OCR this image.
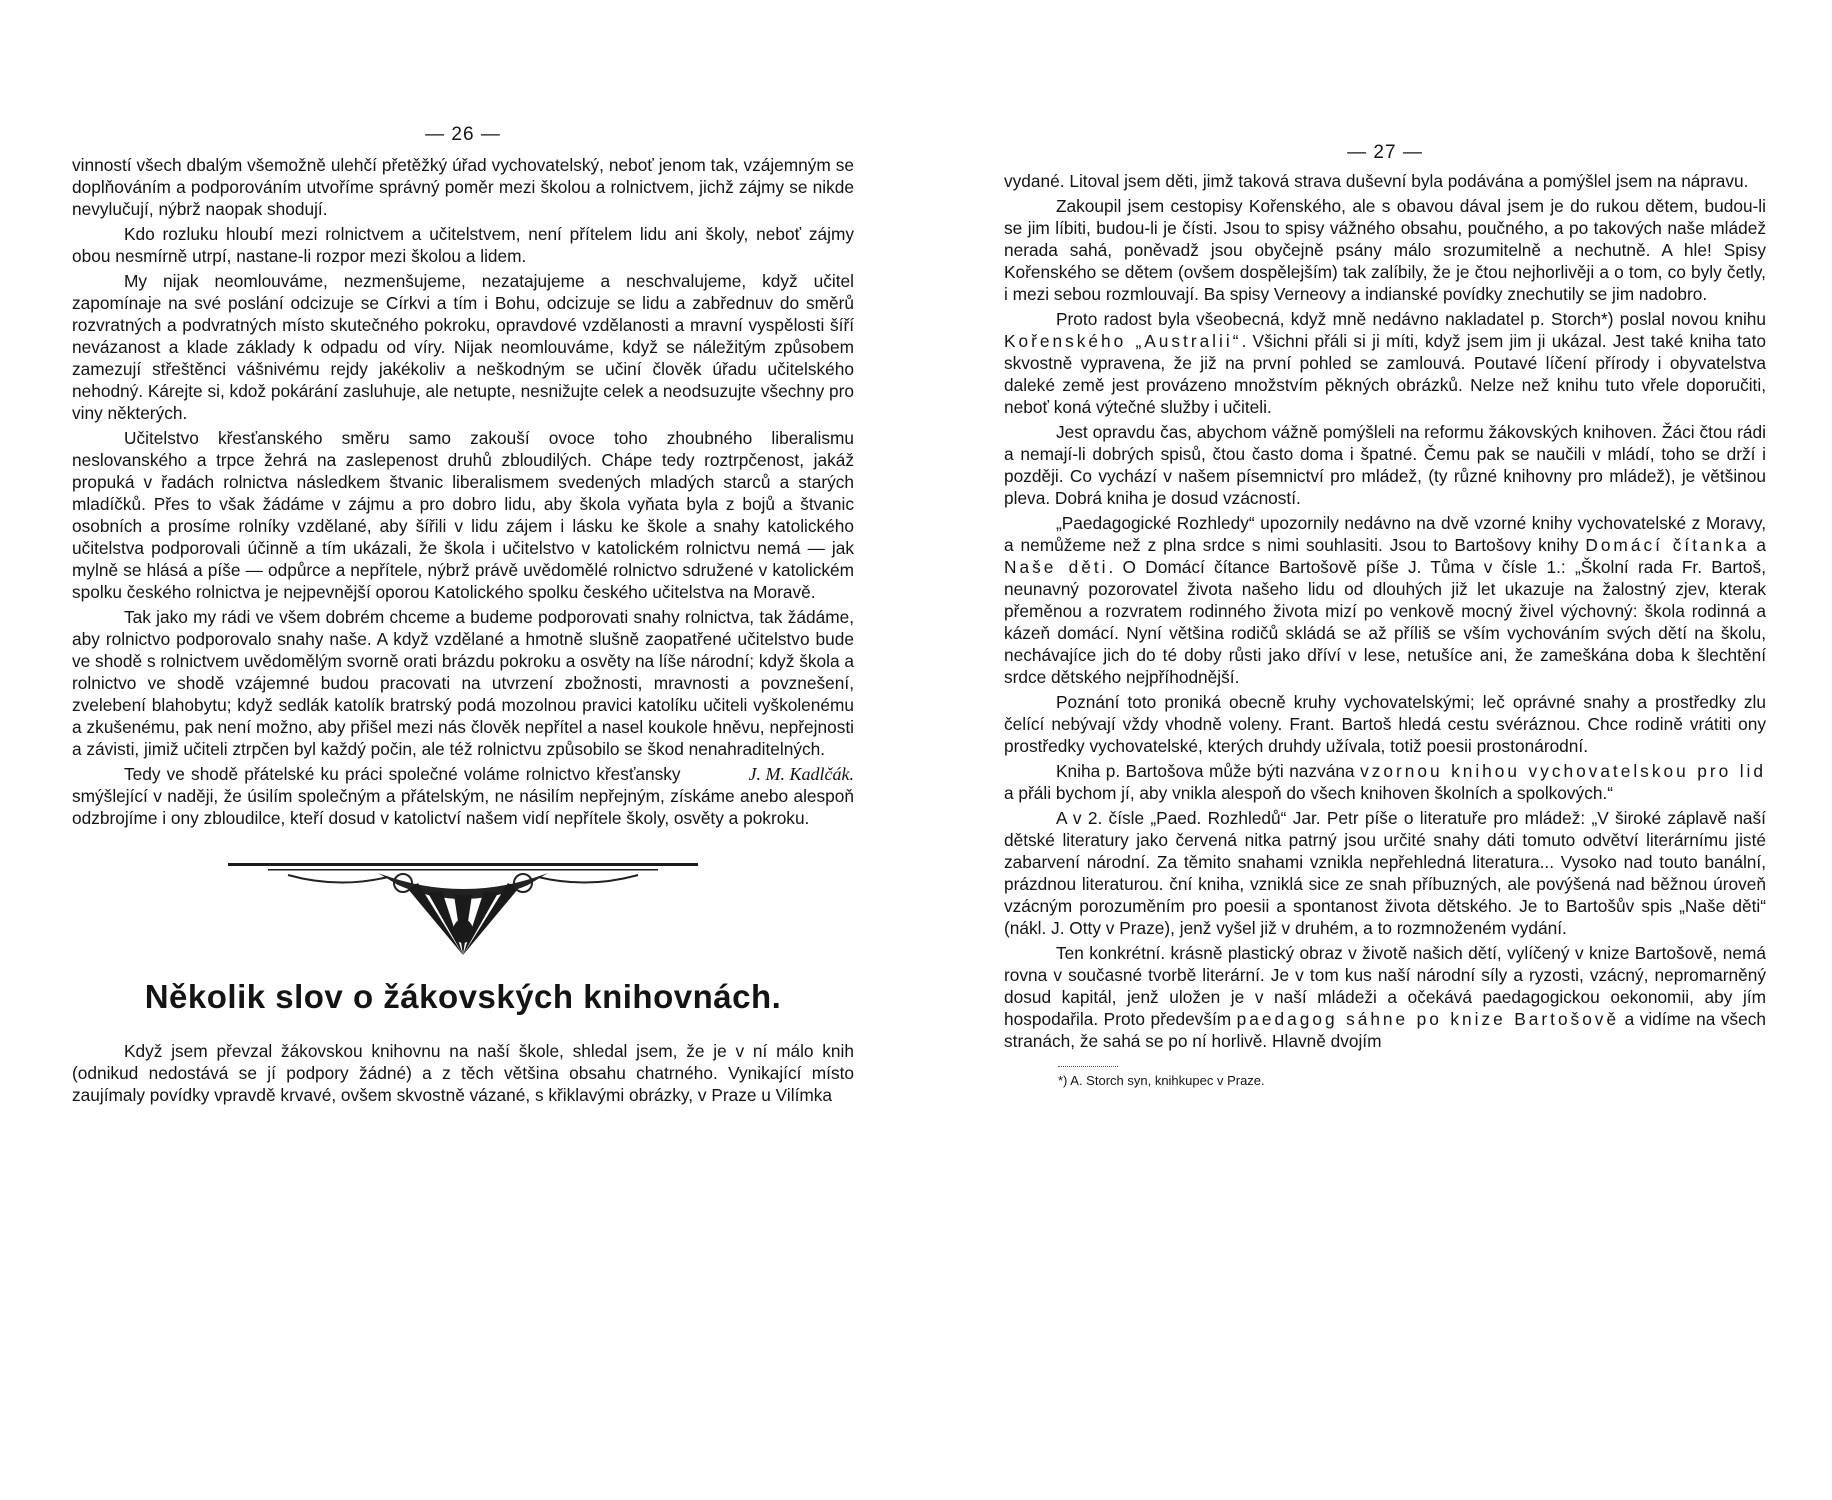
— 26 —

vinností všech dbalým všemožně ulehčí přetěžký úřad vychovatelský, neboť jenom tak, vzájemným se doplňováním a podporováním utvoříme správný poměr mezi školou a rolnictvem, jichž zájmy se nikde nevylučují, nýbrž naopak shodují.

Kdo rozluku hloubí mezi rolnictvem a učitelstvem, není přítelem lidu ani školy, neboť zájmy obou nesmírně utrpí, nastane-li rozpor mezi školou a lidem.

My nijak neomlouváme, nezmenšujeme, nezatajujeme a neschvalujeme, když učitel zapomínaje na své poslání odcizuje se Církvi a tím i Bohu, odcizuje se lidu a zabřednuv do směrů rozvratných a podvratných místo skutečného pokroku, opravdové vzdělanosti a mravní vyspělosti šíří nevázanost a klade základy k odpadu od víry. Nijak neomlouváme, když se náležitým způsobem zamezují střeštěnci vášnivému rejdy jakékoliv a neškodným se učiní člověk úřadu učitelského nehodný. Kárejte si, kdož pokárání zasluhuje, ale netupte, nesnižujte celek a neodsuzujte všechny pro viny některých.

Učitelstvo křesťanského směru samo zakouší ovoce toho zhoubného liberalismu neslovanského a trpce žehrá na zaslepenost druhů zbloudilých. Chápe tedy roztrpčenost, jakáž propuká v řadách rolnictva následkem štvanic liberalismem svedených mladých starců a starých mladíčků. Přes to však žádáme v zájmu a pro dobro lidu, aby škola vyňata byla z bojů a štvanic osobních a prosíme rolníky vzdělané, aby šířili v lidu zájem i lásku ke škole a snahy katolického učitelstva podporovali účinně a tím ukázali, že škola i učitelstvo v katolickém rolnictvu nemá — jak mylně se hlásá a píše — odpůrce a nepřítele, nýbrž právě uvědomělé rolnictvo sdružené v katolickém spolku českého rolnictva je nejpevnější oporou Katolického spolku českého učitelstva na Moravě.

Tak jako my rádi ve všem dobrém chceme a budeme podporovati snahy rolnictva, tak žádáme, aby rolnictvo podporovalo snahy naše. A když vzdělané a hmotně slušně zaopatřené učitelstvo bude ve shodě s rolnictvem uvědomělým svorně orati brázdu pokroku a osvěty na líše národní; když škola a rolnictvo ve shodě vzájemné budou pracovati na utvrzení zbožnosti, mravnosti a povznešení, zvelebení blahobytu; když sedlák katolík bratrský podá mozolnou pravici katolíku učiteli vyškolenému a zkušenému, pak není možno, aby přišel mezi nás člověk nepřítel a nasel koukole hněvu, nepřejnosti a závisti, jimiž učiteli ztrpčen byl každý počin, ale též rolnictvu způsobilo se škod nenahraditelných.

J. M. Kadlčák.
Tedy ve shodě přátelské ku práci společné voláme rolnictvo křesťansky smýšlející v naději, že úsilím společným a přátelským, ne násilím nepřejným, získáme anebo alespoň odzbrojíme i ony zbloudilce, kteří dosud v katolictví našem vidí nepřítele školy, osvěty a pokroku.

Několik slov o žákovských knihovnách.

Když jsem převzal žákovskou knihovnu na naší škole, shledal jsem, že je v ní málo knih (odnikud nedostává se jí podpory žádné) a z těch většina obsahu chatrného. Vynikající místo zaujímaly povídky vpravdě krvavé, ovšem skvostně vázané, s křiklavými obrázky, v Praze u Vilímka

— 27 —

vydané. Litoval jsem děti, jimž taková strava duševní byla podávána a pomýšlel jsem na nápravu.

Zakoupil jsem cestopisy Kořenského, ale s obavou dával jsem je do rukou dětem, budou-li se jim líbiti, budou-li je čísti. Jsou to spisy vážného obsahu, poučného, a po takových naše mládež nerada sahá, poněvadž jsou obyčejně psány málo srozumitelně a nechutně. A hle! Spisy Kořenského se dětem (ovšem dospělejším) tak zalíbily, že je čtou nejhorlivěji a o tom, co byly četly, i mezi sebou rozmlouvají. Ba spisy Verneovy a indianské povídky znechutily se jim nadobro.

Proto radost byla všeobecná, když mně nedávno nakladatel p. Storch*) poslal novou knihu Kořenského „Australii“. Všichni přáli si ji míti, když jsem jim ji ukázal. Jest také kniha tato skvostně vypravena, že již na první pohled se zamlouvá. Poutavé líčení přírody i obyvatelstva daleké země jest provázeno množstvím pěkných obrázků. Nelze než knihu tuto vřele doporučiti, neboť koná výtečné služby i učiteli.

Jest opravdu čas, abychom vážně pomýšleli na reformu žákovských knihoven. Žáci čtou rádi a nemají-li dobrých spisů, čtou často doma i špatné. Čemu pak se naučili v mládí, toho se drží i později. Co vychází v našem písemnictví pro mládež, (ty různé knihovny pro mládež), je většinou pleva. Dobrá kniha je dosud vzácností.

„Paedagogické Rozhledy“ upozornily nedávno na dvě vzorné knihy vychovatelské z Moravy, a nemůžeme než z plna srdce s nimi souhlasiti. Jsou to Bartošovy knihy Domácí čítanka a Naše děti. O Domácí čítance Bartošově píše J. Tůma v čísle 1.: „Školní rada Fr. Bartoš, neunavný pozorovatel života našeho lidu od dlouhých již let ukazuje na žalostný zjev, kterak přeměnou a rozvratem rodinného života mizí po venkově mocný živel výchovný: škola rodinná a kázeň domácí. Nyní většina rodičů skládá se až příliš se vším vychováním svých dětí na školu, nechávajíce jich do té doby růsti jako dříví v lese, netušíce ani, že zameškána doba k šlechtění srdce dětského nejpříhodnější.

Poznání toto proniká obecně kruhy vychovatelskými; leč oprávné snahy a prostředky zlu čelící nebývají vždy vhodně voleny. Frant. Bartoš hledá cestu svéráznou. Chce rodině vrátiti ony prostředky vychovatelské, kterých druhdy užívala, totiž poesii prostonárodní.

Kniha p. Bartošova může býti nazvána vzornou knihou vychovatelskou pro lid a přáli bychom jí, aby vnikla alespoň do všech knihoven školních a spolkových.“

A v 2. čísle „Paed. Rozhledů“ Jar. Petr píše o literatuře pro mládež: „V široké záplavě naší dětské literatury jako červená nitka patrný jsou určité snahy dáti tomuto odvětví literárnímu jisté zabarvení národní. Za těmito snahami vznikla nepřehledná literatura... Vysoko nad touto banální, prázdnou literaturou. ční kniha, vzniklá sice ze snah příbuzných, ale povýšená nad běžnou úroveň vzácným porozuměním pro poesii a spontanost života dětského. Je to Bartošův spis „Naše děti“ (nákl. J. Otty v Praze), jenž vyšel již v druhém, a to rozmnoženém vydání.

Ten konkrétní. krásně plastický obraz v životě našich dětí, vylíčený v knize Bartošově, nemá rovna v současné tvorbě literární. Je v tom kus naší národní síly a ryzosti, vzácný, nepromarněný dosud kapitál, jenž uložen je v naší mládeži a očekává paedagogickou oekonomii, aby jím hospodařila. Proto především paedagog sáhne po knize Bartošově a vidíme na všech stranách, že sahá se po ní horlivě. Hlavně dvojím

*) A. Storch syn, knihkupec v Praze.
